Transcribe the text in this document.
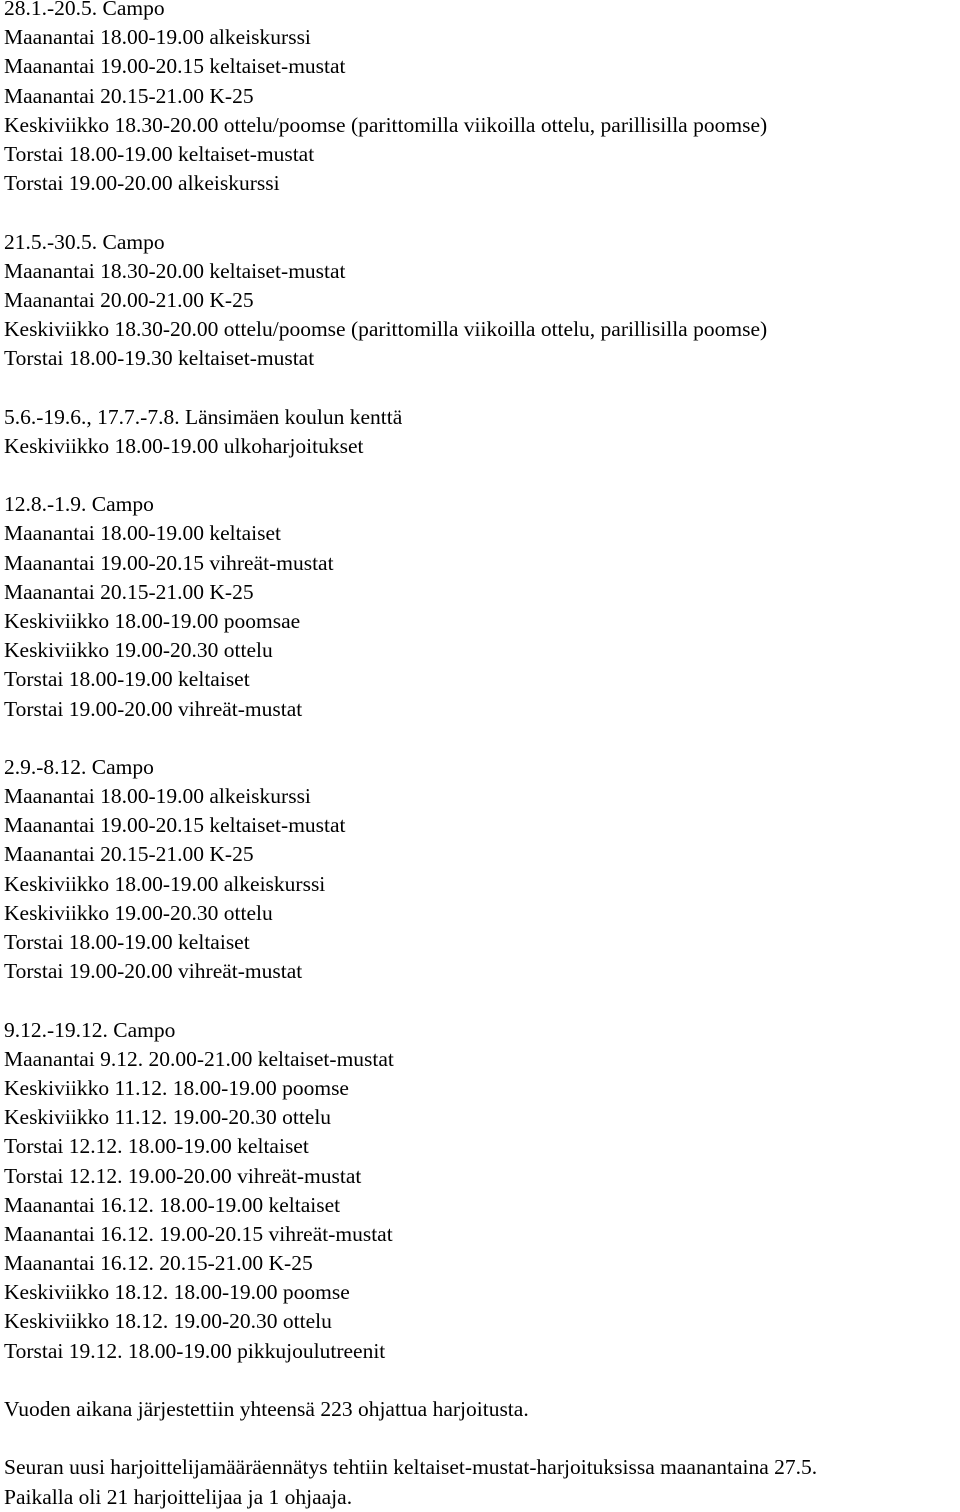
28.1.-20.5. Campo
Maanantai 18.00-19.00 alkeiskurssi
Maanantai 19.00-20.15 keltaiset-mustat
Maanantai 20.15-21.00 K-25
Keskiviikko 18.30-20.00 ottelu/poomse (parittomilla viikoilla ottelu, parillisilla poomse)
Torstai 18.00-19.00 keltaiset-mustat
Torstai 19.00-20.00 alkeiskurssi
21.5.-30.5. Campo
Maanantai 18.30-20.00 keltaiset-mustat
Maanantai 20.00-21.00 K-25
Keskiviikko 18.30-20.00 ottelu/poomse (parittomilla viikoilla ottelu, parillisilla poomse)
Torstai 18.00-19.30 keltaiset-mustat
5.6.-19.6., 17.7.-7.8. Länsimäen koulun kenttä
Keskiviikko 18.00-19.00 ulkoharjoitukset
12.8.-1.9. Campo
Maanantai 18.00-19.00 keltaiset
Maanantai 19.00-20.15 vihreät-mustat
Maanantai 20.15-21.00 K-25
Keskiviikko 18.00-19.00 poomsae
Keskiviikko 19.00-20.30 ottelu
Torstai 18.00-19.00 keltaiset
Torstai 19.00-20.00 vihreät-mustat
2.9.-8.12. Campo
Maanantai 18.00-19.00 alkeiskurssi
Maanantai 19.00-20.15 keltaiset-mustat
Maanantai 20.15-21.00 K-25
Keskiviikko 18.00-19.00 alkeiskurssi
Keskiviikko 19.00-20.30 ottelu
Torstai 18.00-19.00 keltaiset
Torstai 19.00-20.00 vihreät-mustat
9.12.-19.12. Campo
Maanantai 9.12. 20.00-21.00 keltaiset-mustat
Keskiviikko 11.12. 18.00-19.00 poomse
Keskiviikko 11.12. 19.00-20.30 ottelu
Torstai 12.12. 18.00-19.00 keltaiset
Torstai 12.12. 19.00-20.00 vihreät-mustat
Maanantai 16.12. 18.00-19.00 keltaiset
Maanantai 16.12. 19.00-20.15 vihreät-mustat
Maanantai 16.12. 20.15-21.00 K-25
Keskiviikko 18.12. 18.00-19.00 poomse
Keskiviikko 18.12. 19.00-20.30 ottelu
Torstai 19.12. 18.00-19.00 pikkujoulutreenit
Vuoden aikana järjestettiin yhteensä 223 ohjattua harjoitusta.
Seuran uusi harjoittelijamääräennätys tehtiin keltaiset-mustat-harjoituksissa maanantaina 27.5.
Paikalla oli 21 harjoittelijaa ja 1 ohjaaja.
